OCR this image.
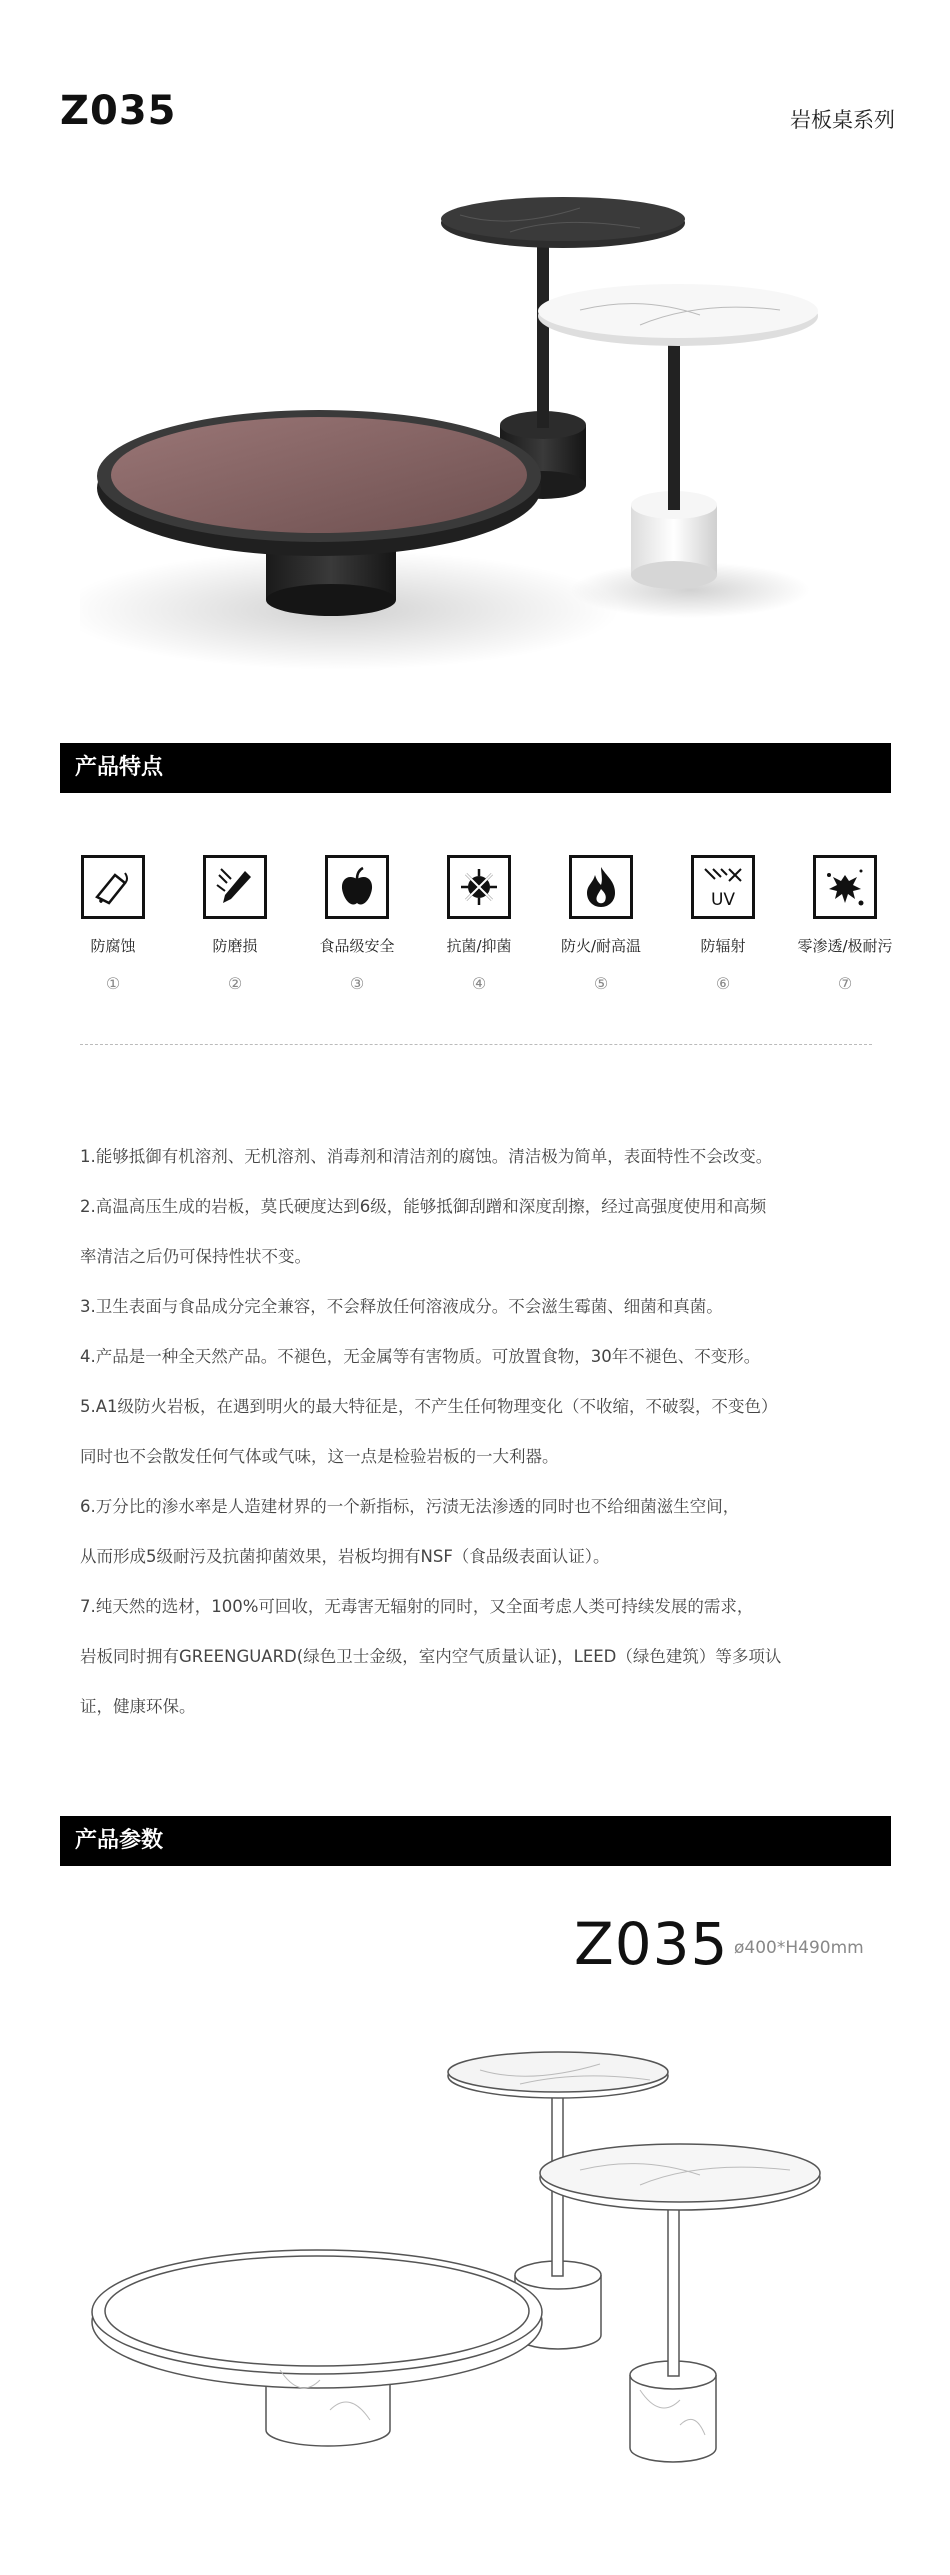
Z035	岩板桌系列
产品特点
防腐蚀
①
防磨损
②
食品级安全
③
抗菌/抑菌
④
防火/耐高温
⑤
UV
防辐射
⑥
零渗透/极耐污
⑦
1.能够抵御有机溶剂、无机溶剂、消毒剂和清洁剂的腐蚀。清洁极为简单，表面特性不会改变。
2.高温高压生成的岩板，莫氏硬度达到6级，能够抵御刮蹭和深度刮擦，经过高强度使用和高频
率清洁之后仍可保持性状不变。
3.卫生表面与食品成分完全兼容，不会释放任何溶液成分。不会滋生霉菌、细菌和真菌。
4.产品是一种全天然产品。不褪色，无金属等有害物质。可放置食物，30年不褪色、不变形。
5.A1级防火岩板，在遇到明火的最大特征是，不产生任何物理变化（不收缩，不破裂，不变色）
同时也不会散发任何气体或气味，这一点是检验岩板的一大利器。
6.万分比的渗水率是人造建材界的一个新指标，污渍无法渗透的同时也不给细菌滋生空间，
从而形成5级耐污及抗菌抑菌效果，岩板均拥有NSF（食品级表面认证）。
7.纯天然的选材，100%可回收，无毒害无辐射的同时，又全面考虑人类可持续发展的需求，
岩板同时拥有GREENGUARD(绿色卫士金级，室内空气质量认证)，LEED（绿色建筑）等多项认
证，健康环保。
产品参数
Z035 ø400*H490mm
